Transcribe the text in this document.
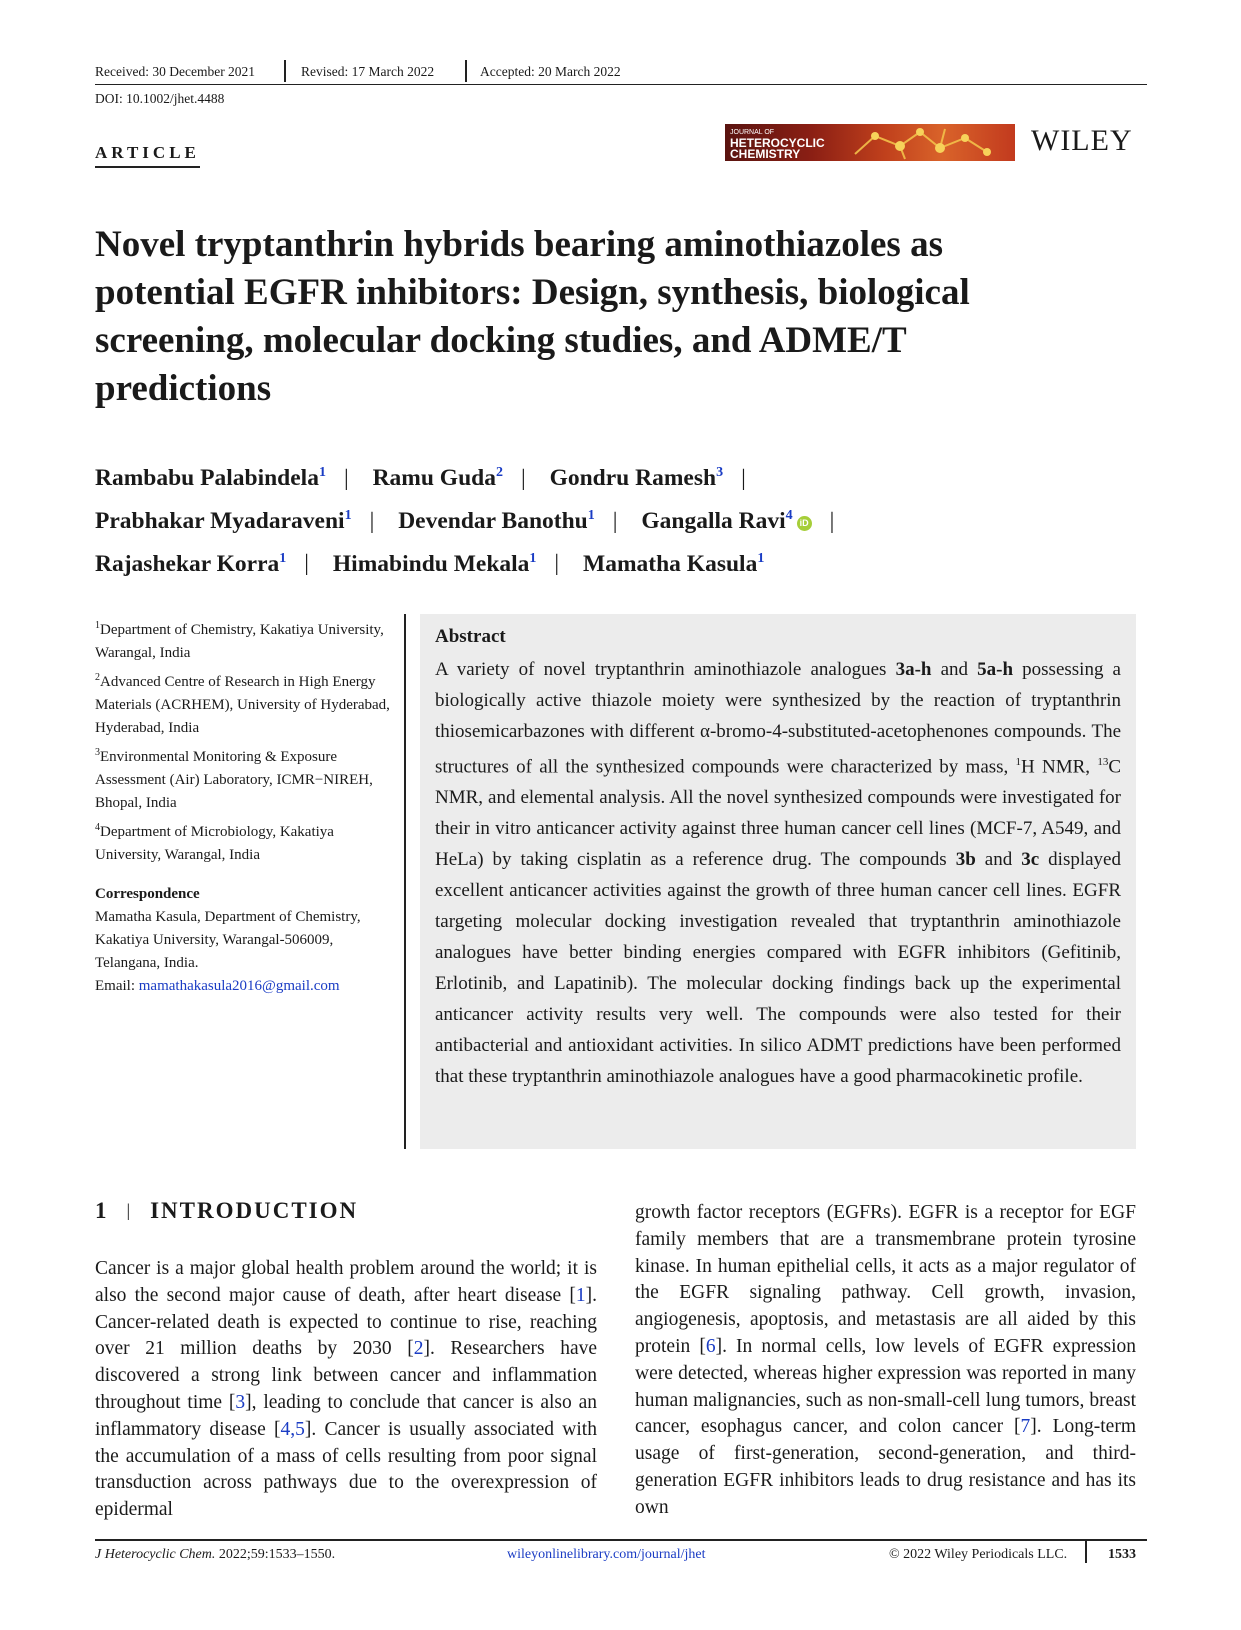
Received: 30 December 2021	Revised: 17 March 2022	Accepted: 20 March 2022
DOI: 10.1002/jhet.4488
ARTICLE
JOURNAL OF
HETEROCYCLIC
CHEMISTRY	WILEY
Novel tryptanthrin hybrids bearing aminothiazoles as
potential EGFR inhibitors: Design, synthesis, biological
screening, molecular docking studies, and ADME/T
predictions
Rambabu Palabindela$^1$ | Ramu Guda$^2$ | Gondru Ramesh$^3$ |
Prabhakar Myadaraveni$^1$ | Devendar Banothu$^1$ | Gangalla Ravi$^4$ iD |
Rajashekar Korra$^1$ | Himabindu Mekala$^1$ | Mamatha Kasula$^1$

$^1$Department of Chemistry, Kakatiya University, Warangal, India

$^2$Advanced Centre of Research in High Energy Materials (ACRHEM), University of Hyderabad, Hyderabad, India

$^3$Environmental Monitoring & Exposure Assessment (Air) Laboratory, ICMR−NIREH, Bhopal, India

$^4$Department of Microbiology, Kakatiya University, Warangal, India

Correspondence
Mamatha Kasula, Department of Chemistry, Kakatiya University, Warangal-506009, Telangana, India.
Email: mamathakasula2016@gmail.com
Abstract
A variety of novel tryptanthrin aminothiazole analogues 3a-h and 5a-h possessing a biologically active thiazole moiety were synthesized by the reaction of tryptanthrin thiosemicarbazones with different α-bromo-4-substituted-acetophenones compounds. The structures of all the synthesized compounds were characterized by mass, $^1$H NMR, $^{13}$C NMR, and elemental analysis. All the novel synthesized compounds were investigated for their in vitro anticancer activity against three human cancer cell lines (MCF-7, A549, and HeLa) by taking cisplatin as a reference drug. The compounds 3b and 3c displayed excellent anticancer activities against the growth of three human cancer cell lines. EGFR targeting molecular docking investigation revealed that tryptanthrin aminothiazole analogues have better binding energies compared with EGFR inhibitors (Gefitinib, Erlotinib, and Lapatinib). The molecular docking findings back up the experimental anticancer activity results very well. The compounds were also tested for their antibacterial and antioxidant activities. In silico ADMT predictions have been performed that these tryptanthrin aminothiazole analogues have a good pharmacokinetic profile.
1 | INTRODUCTION
Cancer is a major global health problem around the world; it is also the second major cause of death, after heart disease [1]. Cancer-related death is expected to continue to rise, reaching over 21 million deaths by 2030 [2]. Researchers have discovered a strong link between cancer and inflammation throughout time [3], leading to conclude that cancer is also an inflammatory disease [4,5]. Cancer is usually associated with the accumulation of a mass of cells resulting from poor signal transduction across pathways due to the overexpression of epidermal
growth factor receptors (EGFRs). EGFR is a receptor for EGF family members that are a transmembrane protein tyrosine kinase. In human epithelial cells, it acts as a major regulator of the EGFR signaling pathway. Cell growth, invasion, angiogenesis, apoptosis, and metastasis are all aided by this protein [6]. In normal cells, low levels of EGFR expression were detected, whereas higher expression was reported in many human malignancies, such as non-small-cell lung tumors, breast cancer, esophagus cancer, and colon cancer [7]. Long-term usage of first-generation, second-generation, and third-generation EGFR inhibitors leads to drug resistance and has its own
J Heterocyclic Chem. 2022;59:1533–1550.	wileyonlinelibrary.com/journal/jhet	© 2022 Wiley Periodicals LLC.	1533
